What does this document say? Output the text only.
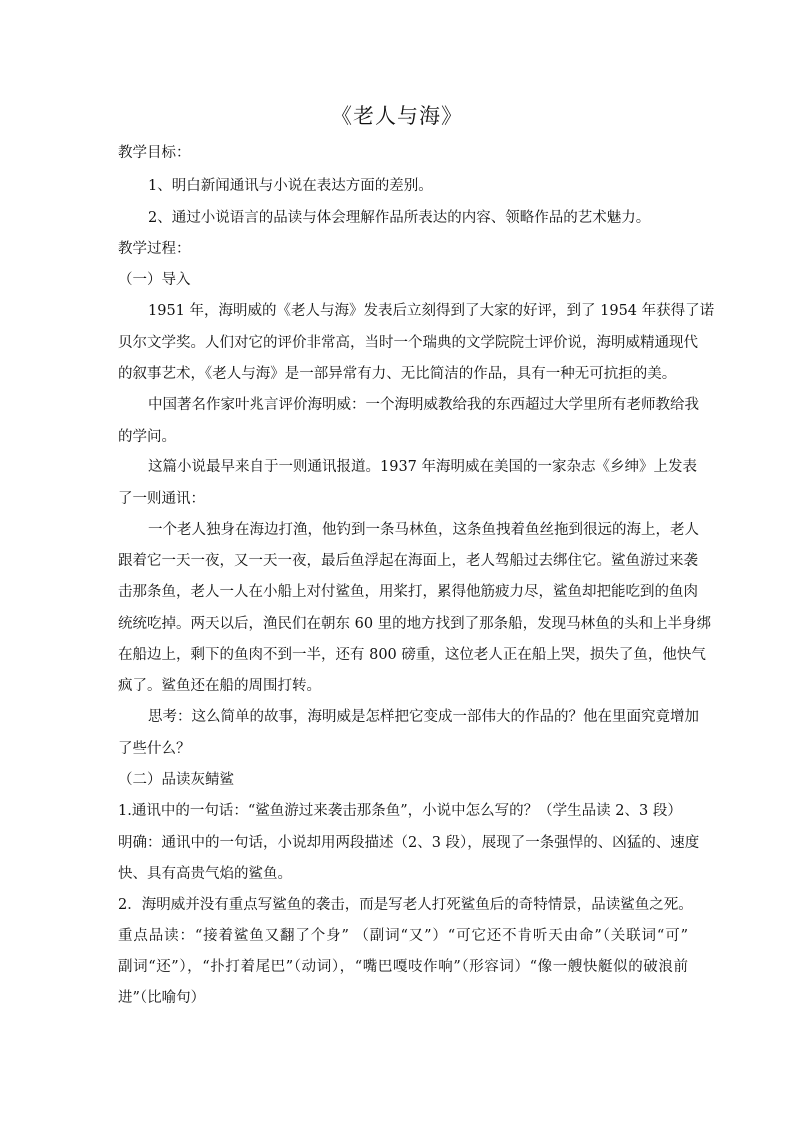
《老人与海》
教学目标：
1、明白新闻通讯与小说在表达方面的差别。
2、通过小说语言的品读与体会理解作品所表达的内容、领略作品的艺术魅力。
教学过程：
（一）导入
1951 年，海明威的《老人与海》发表后立刻得到了大家的好评，到了 1954 年获得了诺
贝尔文学奖。人们对它的评价非常高，当时一个瑞典的文学院院士评价说，海明威精通现代
的叙事艺术，《老人与海》是一部异常有力、无比简洁的作品，具有一种无可抗拒的美。
中国著名作家叶兆言评价海明威：一个海明威教给我的东西超过大学里所有老师教给我
的学问。
这篇小说最早来自于一则通讯报道。1937 年海明威在美国的一家杂志《乡绅》上发表
了一则通讯：
一个老人独身在海边打渔，他钓到一条马林鱼，这条鱼拽着鱼丝拖到很远的海上，老人
跟着它一天一夜，又一天一夜，最后鱼浮起在海面上，老人驾船过去绑住它。鲨鱼游过来袭
击那条鱼，老人一人在小船上对付鲨鱼，用桨打，累得他筋疲力尽，鲨鱼却把能吃到的鱼肉
统统吃掉。两天以后，渔民们在朝东 60 里的地方找到了那条船，发现马林鱼的头和上半身绑
在船边上，剩下的鱼肉不到一半，还有 800 磅重，这位老人正在船上哭，损失了鱼，他快气
疯了。鲨鱼还在船的周围打转。
思考：这么简单的故事，海明威是怎样把它变成一部伟大的作品的？他在里面究竟增加
了些什么？
（二）品读灰鲭鲨
1.通讯中的一句话：“鲨鱼游过来袭击那条鱼”，小说中怎么写的？（学生品读 2、3 段）
明确：通讯中的一句话，小说却用两段描述（2、3 段），展现了一条强悍的、凶猛的、速度
快、具有高贵气焰的鲨鱼。
2．海明威并没有重点写鲨鱼的袭击，而是写老人打死鲨鱼后的奇特情景，品读鲨鱼之死。
重点品读：“接着鲨鱼又翻了个身” （副词“又”）“可它还不肯听天由命”（关联词“可”
副词“还”），“扑打着尾巴”（动词），“嘴巴嘎吱作响”（形容词）“像一艘快艇似的破浪前
进”（比喻句）
